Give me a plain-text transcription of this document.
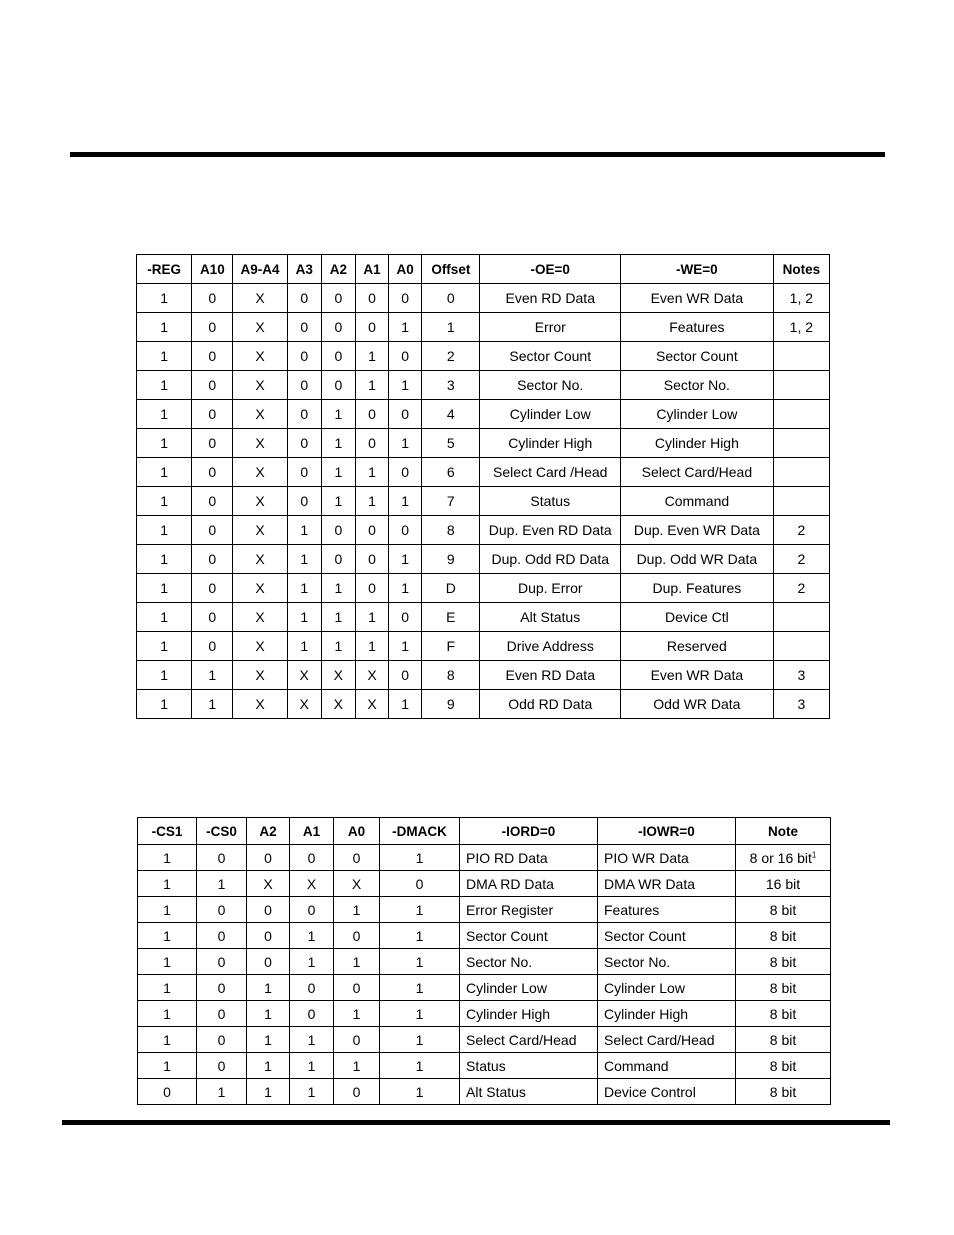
-REG	A10	A9-A4	A3	A2	A1	A0	Offset	-OE=0	-WE=0	Notes
1	0	X	0	0	0	0	0	Even RD Data	Even WR Data	1, 2
1	0	X	0	0	0	1	1	Error	Features	1, 2
1	0	X	0	0	1	0	2	Sector Count	Sector Count	
1	0	X	0	0	1	1	3	Sector No.	Sector No.	
1	0	X	0	1	0	0	4	Cylinder Low	Cylinder Low	
1	0	X	0	1	0	1	5	Cylinder High	Cylinder High	
1	0	X	0	1	1	0	6	Select Card /Head	Select Card/Head	
1	0	X	0	1	1	1	7	Status	Command	
1	0	X	1	0	0	0	8	Dup. Even RD Data	Dup. Even WR Data	2
1	0	X	1	0	0	1	9	Dup. Odd RD Data	Dup. Odd WR Data	2
1	0	X	1	1	0	1	D	Dup. Error	Dup. Features	2
1	0	X	1	1	1	0	E	Alt Status	Device Ctl	
1	0	X	1	1	1	1	F	Drive Address	Reserved	
1	1	X	X	X	X	0	8	Even RD Data	Even WR Data	3
1	1	X	X	X	X	1	9	Odd RD Data	Odd WR Data	3
-CS1	-CS0	A2	A1	A0	-DMACK	-IORD=0	-IOWR=0	Note
1	0	0	0	0	1	PIO RD Data	PIO WR Data	8 or 16 bit$^1$
1	1	X	X	X	0	DMA RD Data	DMA WR Data	16 bit
1	0	0	0	1	1	Error Register	Features	8 bit
1	0	0	1	0	1	Sector Count	Sector Count	8 bit
1	0	0	1	1	1	Sector No.	Sector No.	8 bit
1	0	1	0	0	1	Cylinder Low	Cylinder Low	8 bit
1	0	1	0	1	1	Cylinder High	Cylinder High	8 bit
1	0	1	1	0	1	Select Card/Head	Select Card/Head	8 bit
1	0	1	1	1	1	Status	Command	8 bit
0	1	1	1	0	1	Alt Status	Device Control	8 bit
